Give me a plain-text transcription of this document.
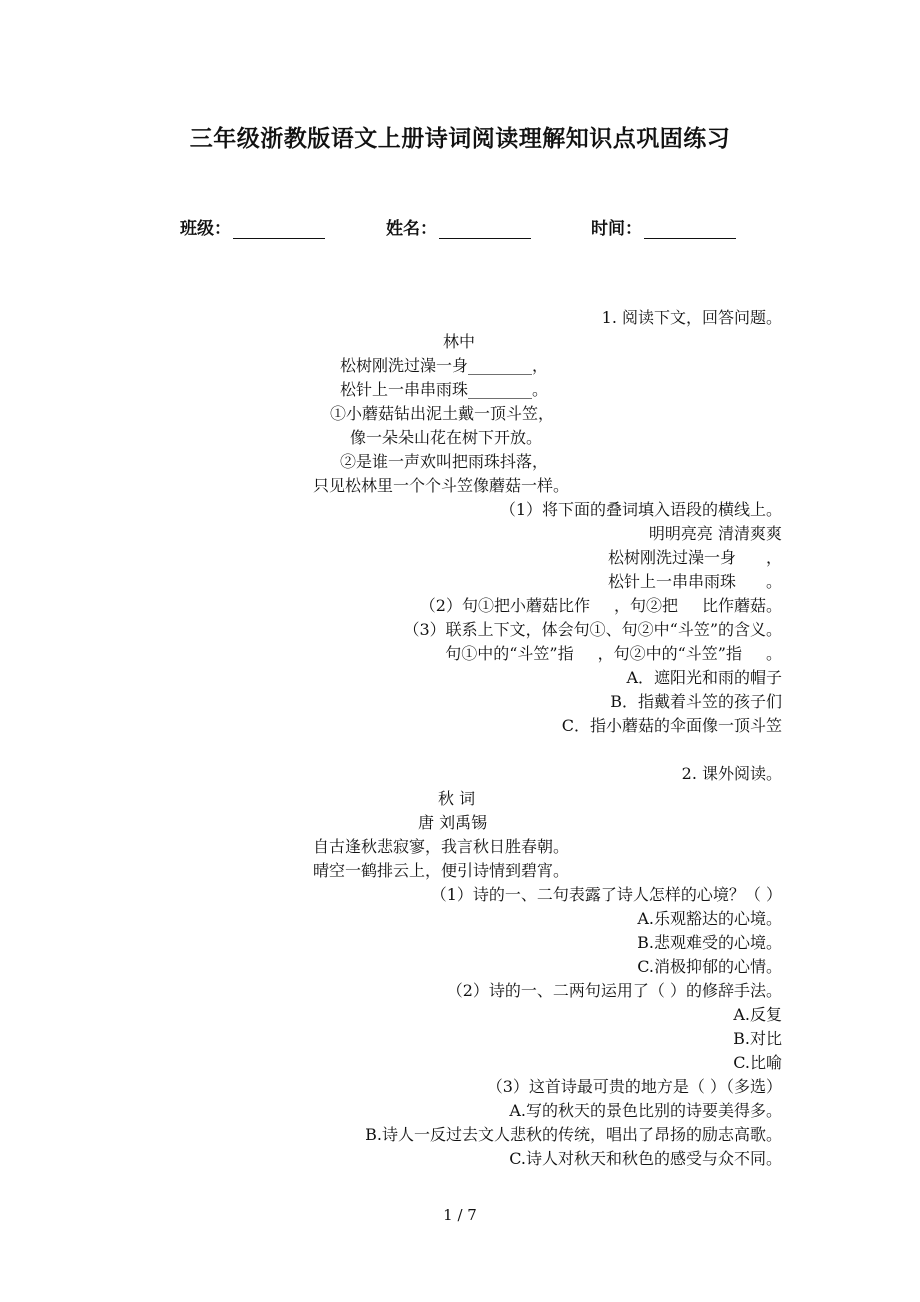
三年级浙教版语文上册诗词阅读理解知识点巩固练习
班级：	姓名：	时间：
1. 阅读下文，回答问题。
林中
松树刚洗过澡一身________，
松针上一串串雨珠________。
①小蘑菇钻出泥土戴一顶斗笠，
像一朵朵山花在树下开放。
②是谁一声欢叫把雨珠抖落，
只见松林里一个个斗笠像蘑菇一样。
（1）将下面的叠词填入语段的横线上。
明明亮亮 清清爽爽
松树刚洗过澡一身 ，
松针上一串串雨珠 。
（2）句①把小蘑菇比作 ，句②把 比作蘑菇。
（3）联系上下文，体会句①、句②中“斗笠”的含义。
句①中的“斗笠”指 ，句②中的“斗笠”指 。
A．遮阳光和雨的帽子
B．指戴着斗笠的孩子们
C．指小蘑菇的伞面像一顶斗笠
2. 课外阅读。
秋 词
唐 刘禹锡
自古逢秋悲寂寥，我言秋日胜春朝。
晴空一鹤排云上，便引诗情到碧宵。
（1）诗的一、二句表露了诗人怎样的心境？（ ）
A.乐观豁达的心境。
B.悲观难受的心境。
C.消极抑郁的心情。
（2）诗的一、二两句运用了（ ）的修辞手法。
A.反复
B.对比
C.比喻
（3）这首诗最可贵的地方是（ ）（多选）
A.写的秋天的景色比别的诗要美得多。
B.诗人一反过去文人悲秋的传统，唱出了昂扬的励志高歌。
C.诗人对秋天和秋色的感受与众不同。
1 / 7
